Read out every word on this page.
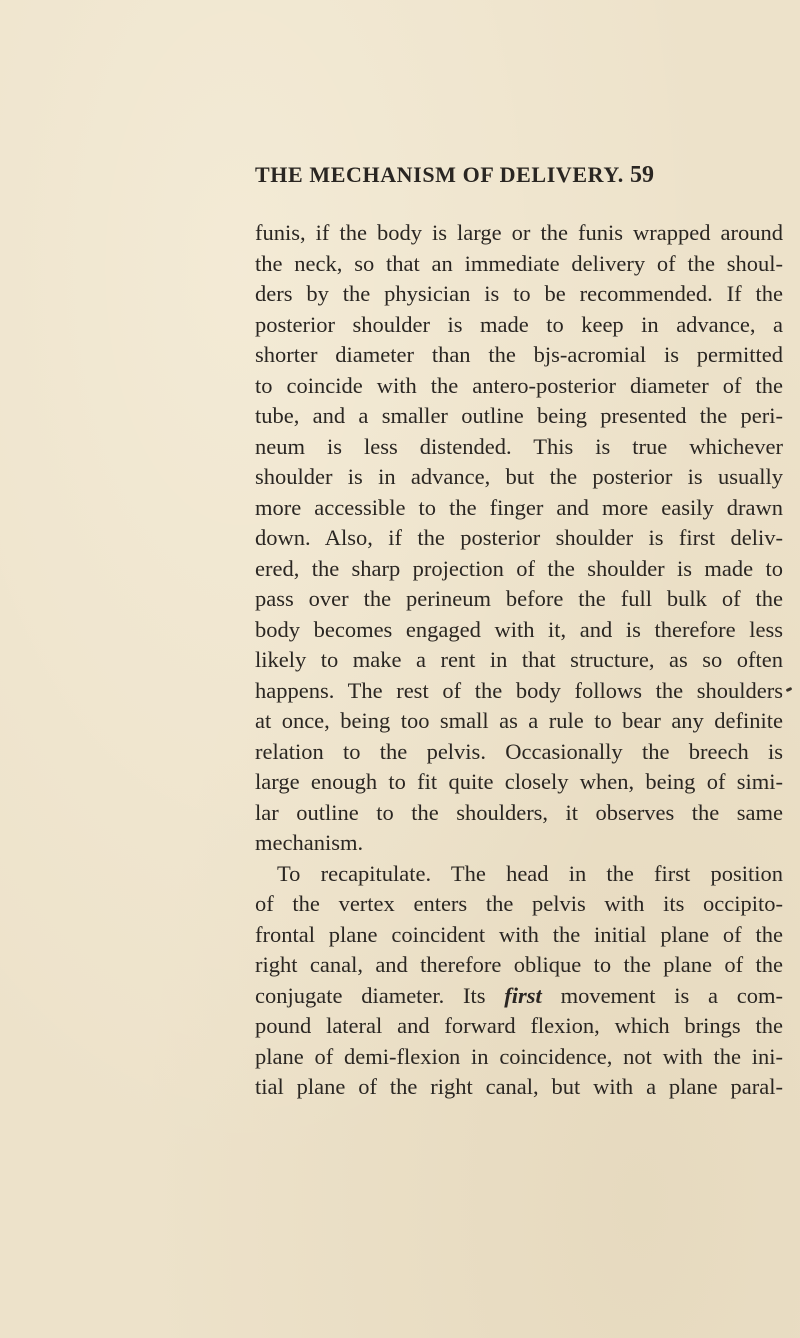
THE MECHANISM OF DELIVERY. 59
funis, if the body is large or the funis wrapped around
the neck, so that an immediate delivery of the shoul-
ders by the physician is to be recommended. If the
posterior shoulder is made to keep in advance, a
shorter diameter than the bjs-acromial is permitted
to coincide with the antero-posterior diameter of the
tube, and a smaller outline being presented the peri-
neum is less distended. This is true whichever
shoulder is in advance, but the posterior is usually
more accessible to the finger and more easily drawn
down. Also, if the posterior shoulder is first deliv-
ered, the sharp projection of the shoulder is made to
pass over the perineum before the full bulk of the
body becomes engaged with it, and is therefore less
likely to make a rent in that structure, as so often
happens. The rest of the body follows the shoulders
at once, being too small as a rule to bear any definite
relation to the pelvis. Occasionally the breech is
large enough to fit quite closely when, being of simi-
lar outline to the shoulders, it observes the same
mechanism.
To recapitulate. The head in the first position
of the vertex enters the pelvis with its occipito-
frontal plane coincident with the initial plane of the
right canal, and therefore oblique to the plane of the
conjugate diameter. Its first movement is a com-
pound lateral and forward flexion, which brings the
plane of demi-flexion in coincidence, not with the ini-
tial plane of the right canal, but with a plane paral-
